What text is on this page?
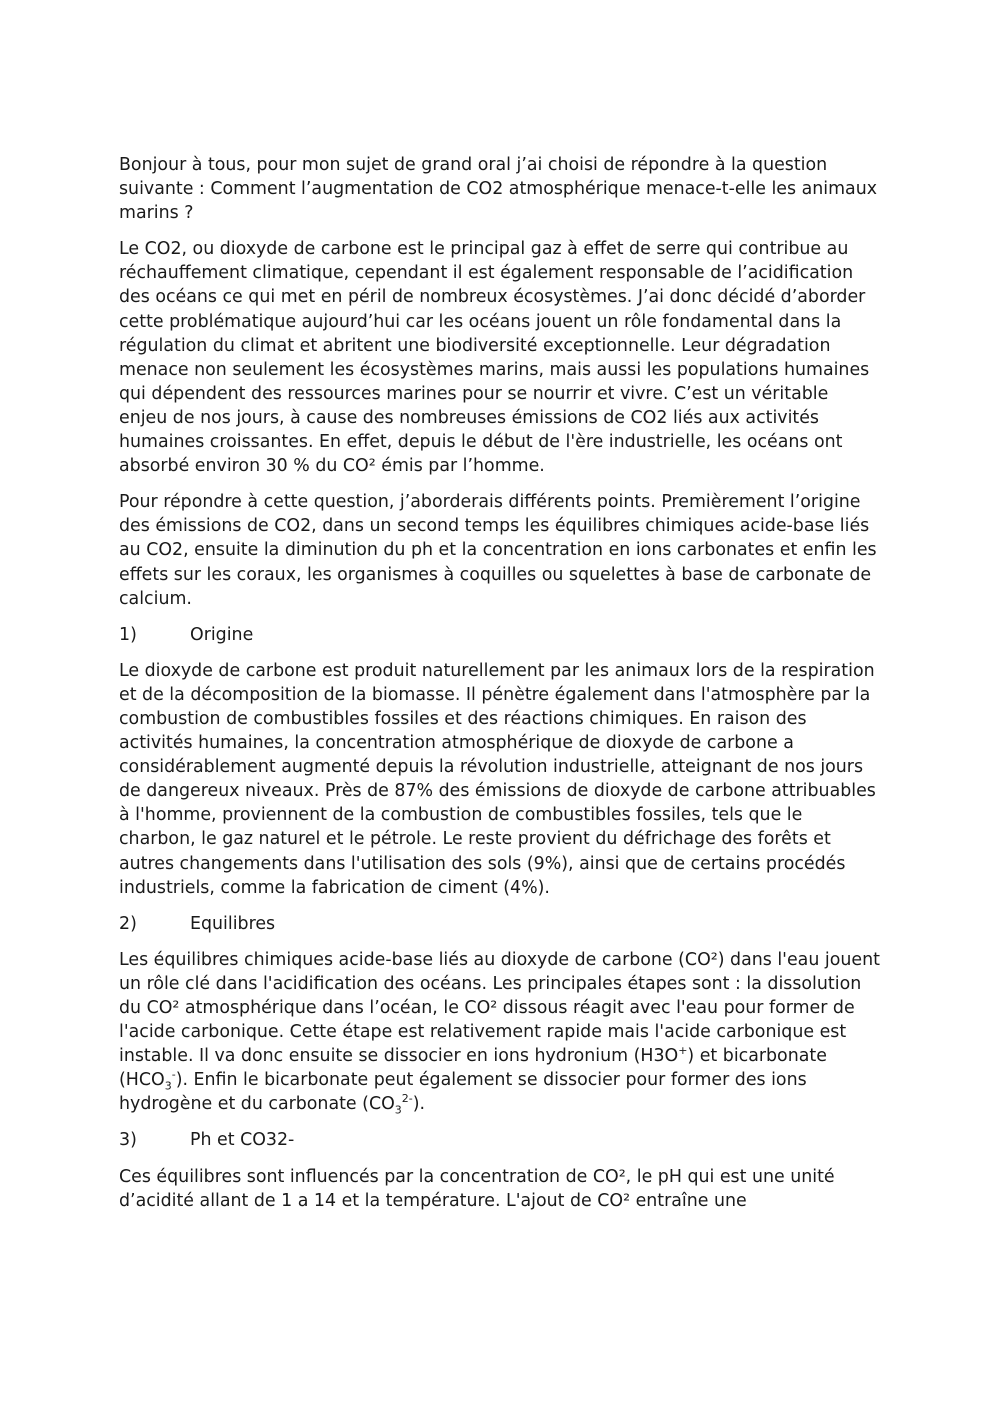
Bonjour à tous, pour mon sujet de grand oral j’ai choisi de répondre à la question suivante : Comment l’augmentation de CO2 atmosphérique menace-t-elle les animaux marins ?

Le CO2, ou dioxyde de carbone est le principal gaz à effet de serre qui contribue au réchauffement climatique, cependant il est également responsable de l’acidification des océans ce qui met en péril de nombreux écosystèmes. J’ai donc décidé d’aborder cette problématique aujourd’hui car les océans jouent un rôle fondamental dans la régulation du climat et abritent une biodiversité exceptionnelle. Leur dégradation menace non seulement les écosystèmes marins, mais aussi les populations humaines qui dépendent des ressources marines pour se nourrir et vivre. C’est un véritable enjeu de nos jours, à cause des nombreuses émissions de CO2 liés aux activités humaines croissantes. En effet, depuis le début de l'ère industrielle, les océans ont absorbé environ 30 % du CO² émis par l’homme.

Pour répondre à cette question, j’aborderais différents points. Premièrement l’origine des émissions de CO2, dans un second temps les équilibres chimiques acide-base liés au CO2, ensuite la diminution du ph et la concentration en ions carbonates et enfin les effets sur les coraux, les organismes à coquilles ou squelettes à base de carbonate de calcium.

1)	Origine

Le dioxyde de carbone est produit naturellement par les animaux lors de la respiration et de la décomposition de la biomasse. Il pénètre également dans l'atmosphère par la combustion de combustibles fossiles et des réactions chimiques. En raison des activités humaines, la concentration atmosphérique de dioxyde de carbone a considérablement augmenté depuis la révolution industrielle, atteignant de nos jours de dangereux niveaux. Près de 87% des émissions de dioxyde de carbone attribuables à l'homme, proviennent de la combustion de combustibles fossiles, tels que le charbon, le gaz naturel et le pétrole. Le reste provient du défrichage des forêts et autres changements dans l'utilisation des sols (9%), ainsi que de certains procédés industriels, comme la fabrication de ciment (4%).

2)	Equilibres

Les équilibres chimiques acide-base liés au dioxyde de carbone (CO²) dans l'eau jouent un rôle clé dans l'acidification des océans. Les principales étapes sont : la dissolution du CO² atmosphérique dans l’océan, le CO² dissous réagit avec l'eau pour former de l'acide carbonique. Cette étape est relativement rapide mais l'acide carbonique est instable. Il va donc ensuite se dissocier en ions hydronium (H3O+) et bicarbonate $(HCO_3^-)$. Enfin le bicarbonate peut également se dissocier pour former des ions hydrogène et du carbonate $(CO_3^{2-})$.

3)	Ph et CO32-

Ces équilibres sont influencés par la concentration de CO², le pH qui est une unité d’acidité allant de 1 a 14 et la température. L'ajout de CO² entraîne une
